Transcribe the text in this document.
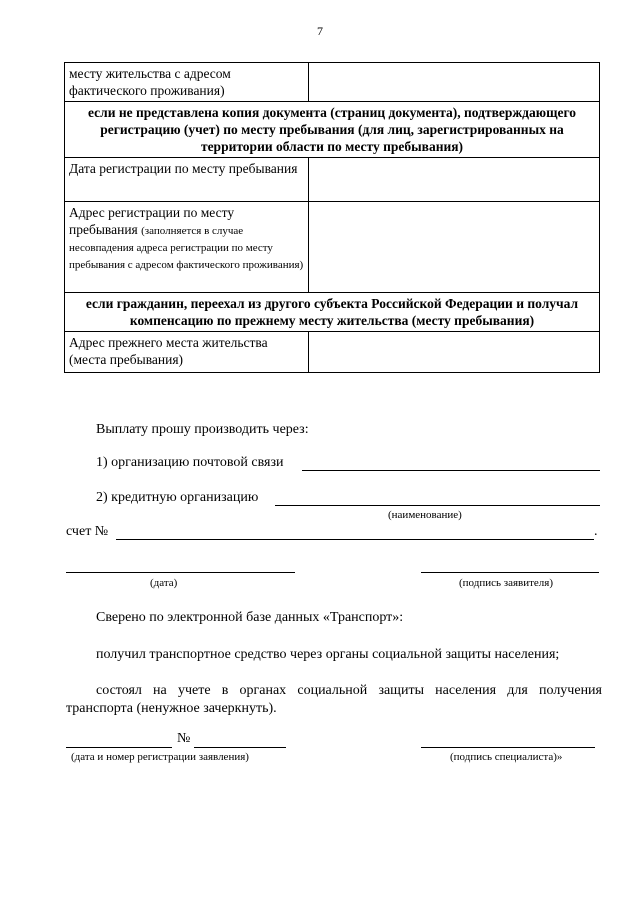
7
месту жительства с адресом фактического проживания)	
если не представлена копия документа (страниц документа), подтверждающего регистрацию (учет) по месту пребывания (для лиц, зарегистрированных на территории области по месту пребывания)	
Дата регистрации по месту пребывания	
Адрес регистрации по месту пребывания (заполняется в случае несовпадения адреса регистрации по месту пребывания с адресом фактического проживания)	
если гражданин, переехал из другого субъекта Российской Федерации и получал компенсацию по прежнему месту жительства (месту пребывания)	
Адрес прежнего места жительства (места пребывания)	
Выплату прошу производить через:
1) организацию почтовой связи
2) кредитную организацию
(наименование)
счет №	.
(дата)	(подпись заявителя)
Сверено по электронной базе данных «Транспорт»:
получил транспортное средство через органы социальной защиты населения;
состоял на учете в органах социальной защиты населения для получения транспорта (ненужное зачеркнуть).
№
(дата и номер регистрации заявления)	(подпись специалиста)»
